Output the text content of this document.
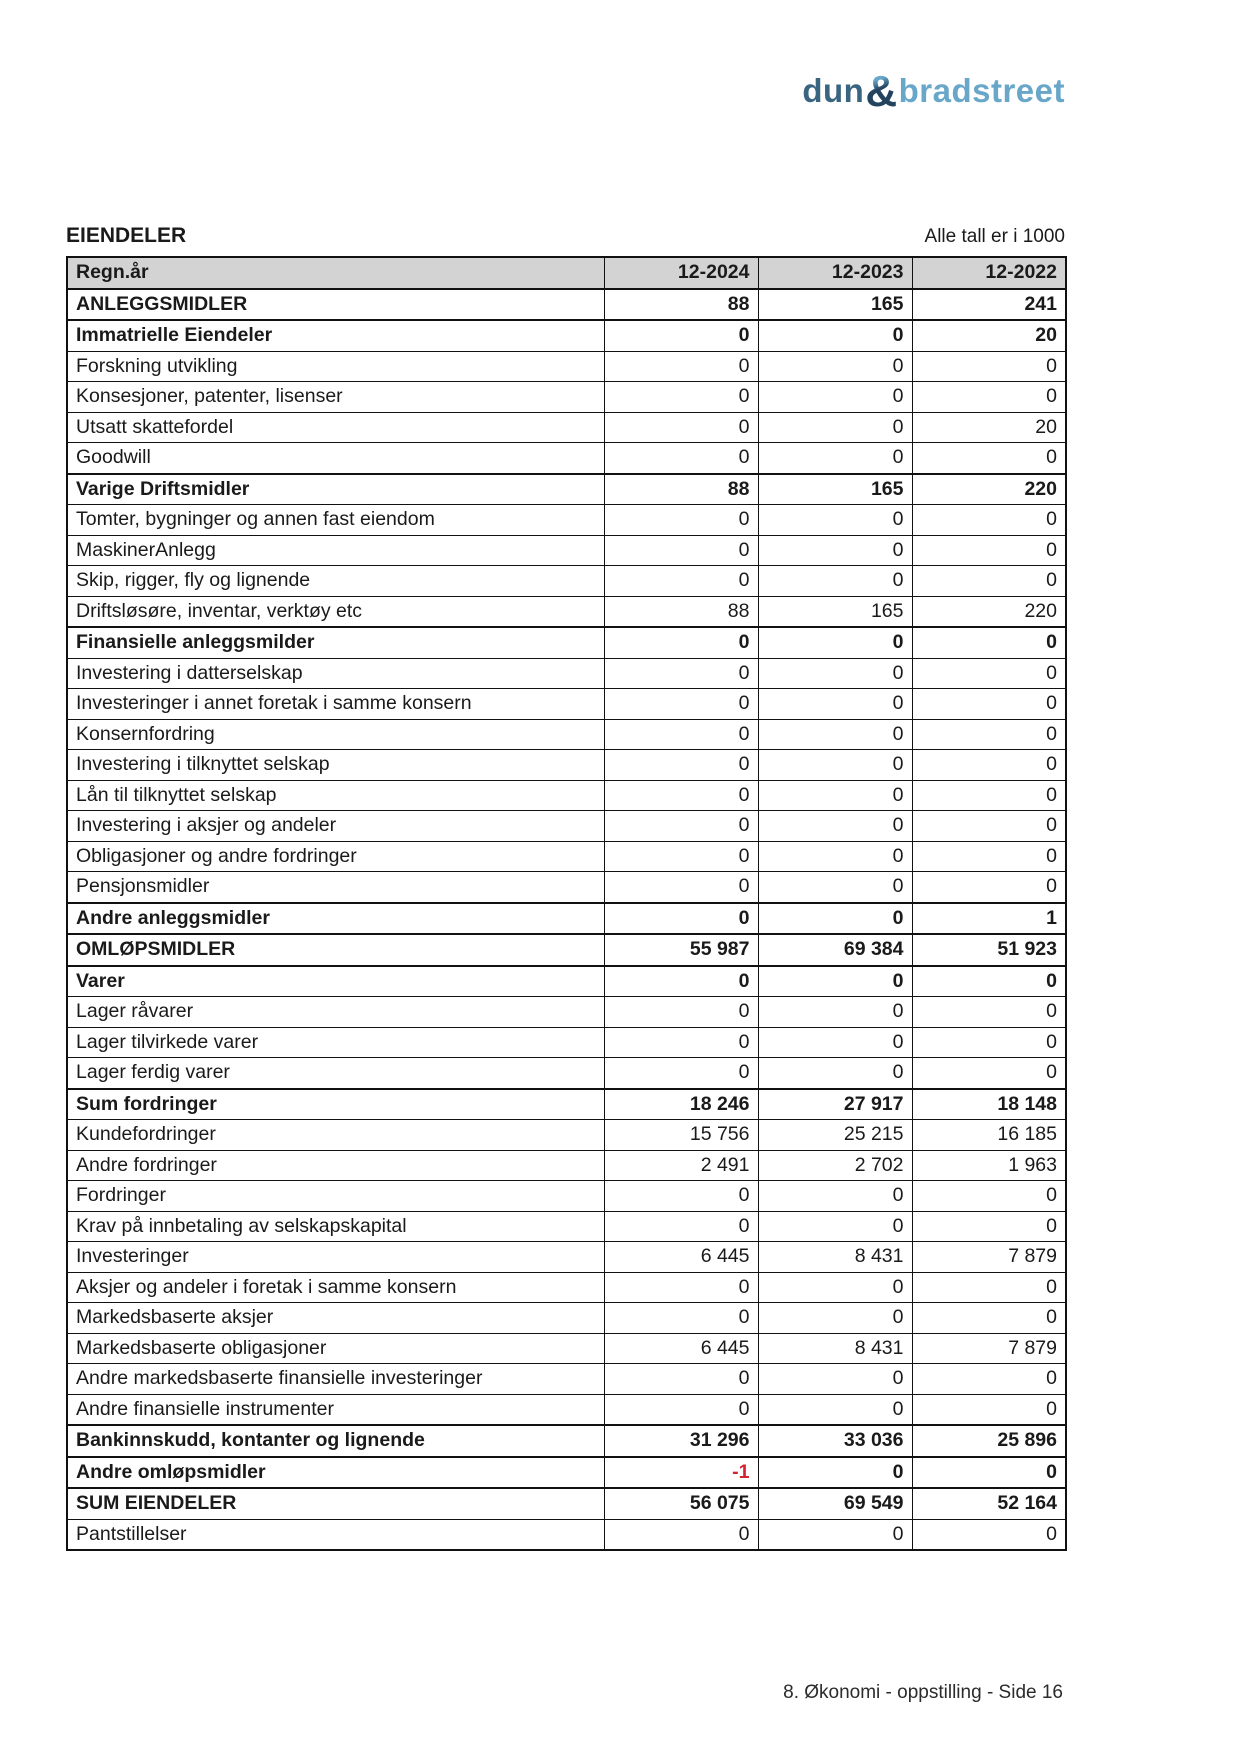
dun&bradstreet
EIENDELER	Alle tall er i 1000
Regn.år	12-2024	12-2023	12-2022
ANLEGGSMIDLER	88	165	241
Immatrielle Eiendeler	0	0	20
Forskning utvikling	0	0	0
Konsesjoner, patenter, lisenser	0	0	0
Utsatt skattefordel	0	0	20
Goodwill	0	0	0
Varige Driftsmidler	88	165	220
Tomter, bygninger og annen fast eiendom	0	0	0
MaskinerAnlegg	0	0	0
Skip, rigger, fly og lignende	0	0	0
Driftsløsøre, inventar, verktøy etc	88	165	220
Finansielle anleggsmilder	0	0	0
Investering i datterselskap	0	0	0
Investeringer i annet foretak i samme konsern	0	0	0
Konsernfordring	0	0	0
Investering i tilknyttet selskap	0	0	0
Lån til tilknyttet selskap	0	0	0
Investering i aksjer og andeler	0	0	0
Obligasjoner og andre fordringer	0	0	0
Pensjonsmidler	0	0	0
Andre anleggsmidler	0	0	1
OMLØPSMIDLER	55 987	69 384	51 923
Varer	0	0	0
Lager råvarer	0	0	0
Lager tilvirkede varer	0	0	0
Lager ferdig varer	0	0	0
Sum fordringer	18 246	27 917	18 148
Kundefordringer	15 756	25 215	16 185
Andre fordringer	2 491	2 702	1 963
Fordringer	0	0	0
Krav på innbetaling av selskapskapital	0	0	0
Investeringer	6 445	8 431	7 879
Aksjer og andeler i foretak i samme konsern	0	0	0
Markedsbaserte aksjer	0	0	0
Markedsbaserte obligasjoner	6 445	8 431	7 879
Andre markedsbaserte finansielle investeringer	0	0	0
Andre finansielle instrumenter	0	0	0
Bankinnskudd, kontanter og lignende	31 296	33 036	25 896
Andre omløpsmidler	-1	0	0
SUM EIENDELER	56 075	69 549	52 164
Pantstillelser	0	0	0
8. Økonomi - oppstilling - Side 16
